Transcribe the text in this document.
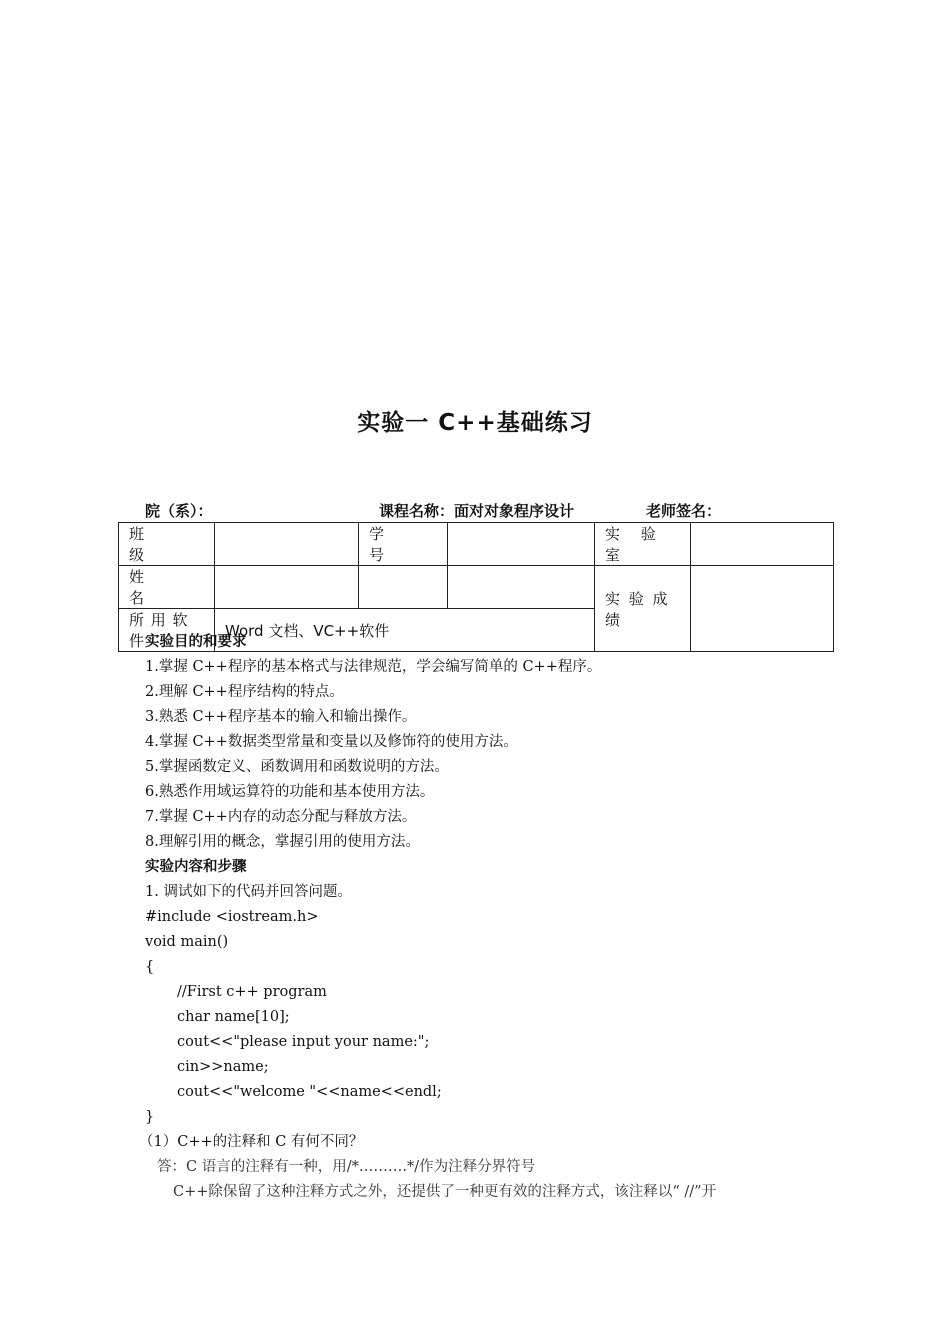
实验一 C++基础练习
院（系）：	课程名称：面对对象程序设计	老师签名：
班 级		学 号		实 验 室	
姓 名				实 验 成 绩	
所 用 软 件	Word 文档、VC++软件				
实验目的和要求
1.掌握 C++程序的基本格式与法律规范，学会编写简单的 C++程序。
2.理解 C++程序结构的特点。
3.熟悉 C++程序基本的输入和输出操作。
4.掌握 C++数据类型常量和变量以及修饰符的使用方法。
5.掌握函数定义、函数调用和函数说明的方法。
6.熟悉作用域运算符的功能和基本使用方法。
7.掌握 C++内存的动态分配与释放方法。
8.理解引用的概念，掌握引用的使用方法。
实验内容和步骤
1. 调试如下的代码并回答问题。
#include <iostream.h>
void main()
{
//First c++ program
char name[10];
cout<<"please input your name:";
cin>>name;
cout<<"welcome "<<name<<endl;
}
（1）C++的注释和 C 有何不同？
答：C 语言的注释有一种，用/*……….*/作为注释分界符号
C++除保留了这种注释方式之外，还提供了一种更有效的注释方式，该注释以“ //”开
